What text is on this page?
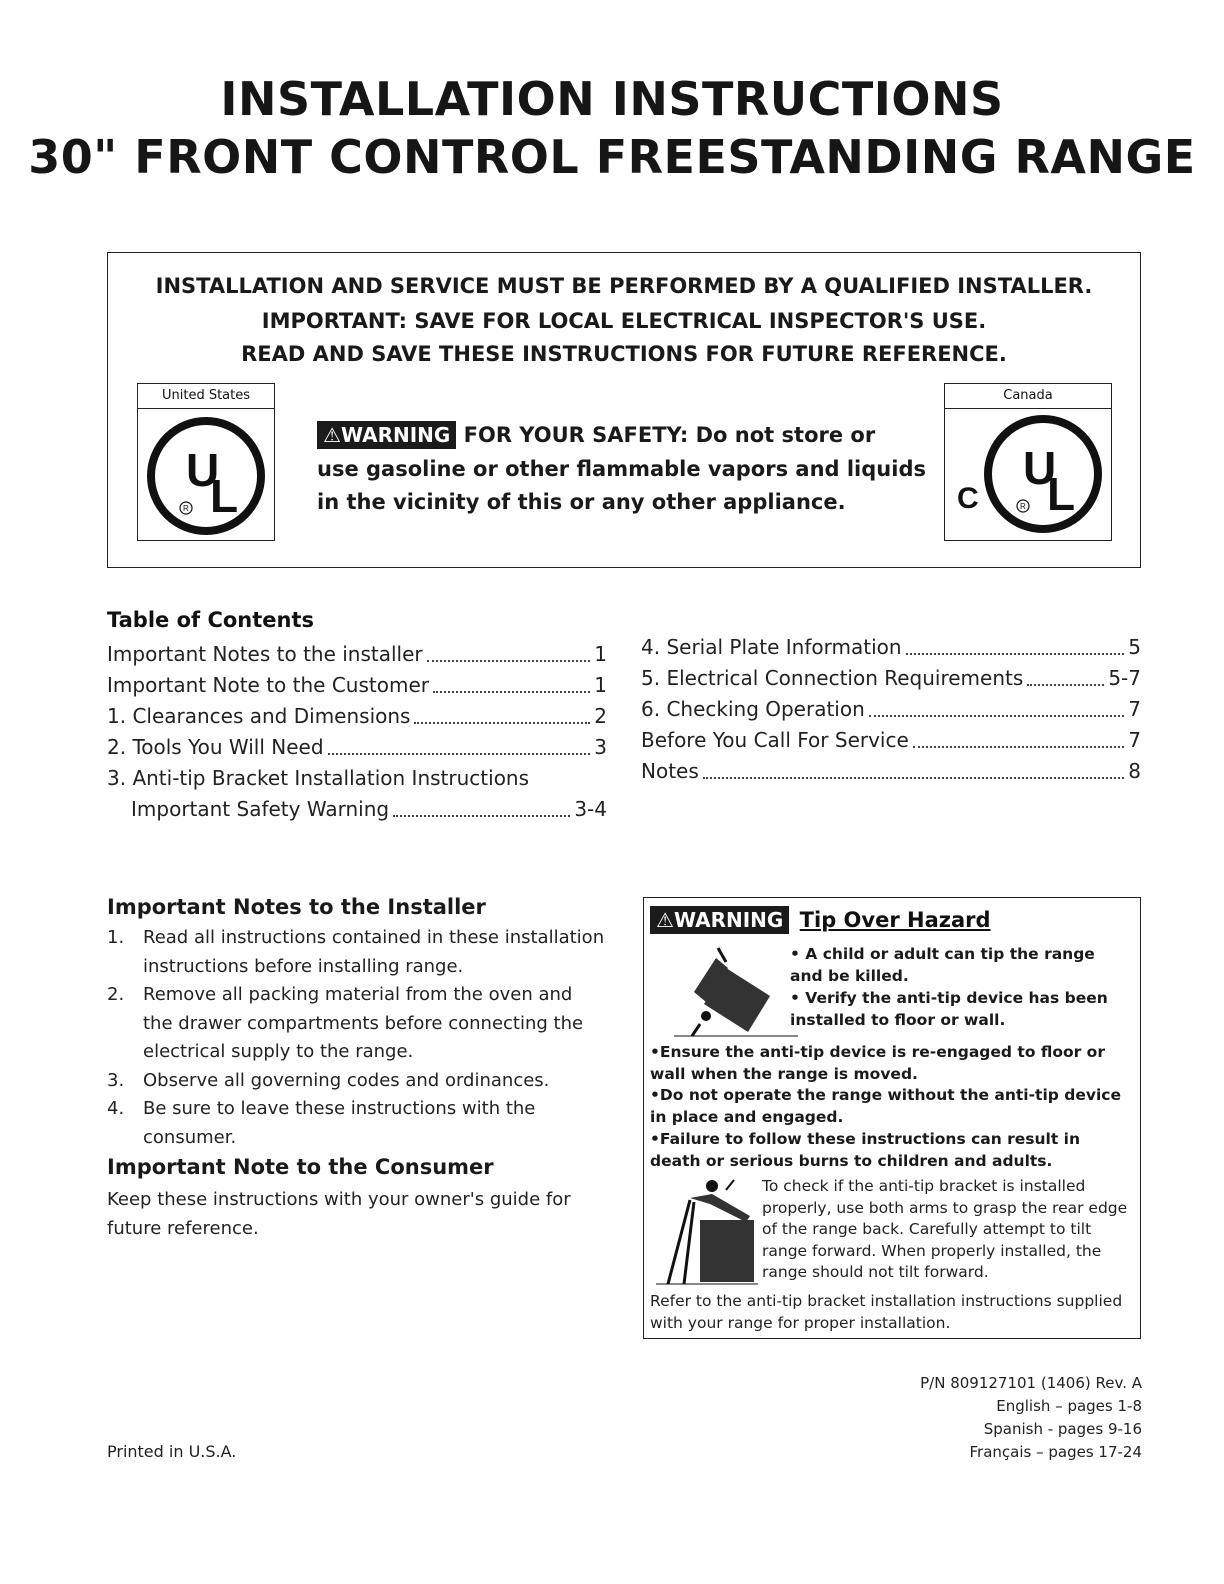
INSTALLATION INSTRUCTIONS
30" FRONT CONTROL FREESTANDING RANGE
INSTALLATION AND SERVICE MUST BE PERFORMED BY A QUALIFIED INSTALLER.
IMPORTANT: SAVE FOR LOCAL ELECTRICAL INSPECTOR'S USE.
READ AND SAVE THESE INSTRUCTIONS FOR FUTURE REFERENCE.
United States
U
L
R
Canada
C
U
L
R
⚠WARNING FOR YOUR SAFETY: Do not store or
use gasoline or other flammable vapors and liquids
in the vicinity of this or any other appliance.
Table of Contents
Important Notes to the installer	1
Important Note to the Customer	1
1. Clearances and Dimensions	2
2. Tools You Will Need	3
3. Anti-tip Bracket Installation Instructions
Important Safety Warning	3-4
4. Serial Plate Information	5
5. Electrical Connection Requirements	5-7
6. Checking Operation	7
Before You Call For Service	7
Notes	8
Important Notes to the Installer
1.	Read all instructions contained in these installation instructions before installing range.
2.	Remove all packing material from the oven and the drawer compartments before connecting the electrical supply to the range.
3.	Observe all governing codes and ordinances.
4.	Be sure to leave these instructions with the consumer.
Important Note to the Consumer
Keep these instructions with your owner's guide for future reference.
⚠WARNING Tip Over Hazard
• A child or adult can tip the range and be killed.
• Verify the anti-tip device has been installed to floor or wall.
•Ensure the anti-tip device is re-engaged to floor or wall when the range is moved.
•Do not operate the range without the anti-tip device in place and engaged.
•Failure to follow these instructions can result in death or serious burns to children and adults.
To check if the anti-tip bracket is installed properly, use both arms to grasp the rear edge of the range back. Carefully attempt to tilt range forward. When properly installed, the range should not tilt forward.
Refer to the anti-tip bracket installation instructions supplied with your range for proper installation.
Printed in U.S.A.
P/N 809127101 (1406) Rev. A
English – pages 1-8
Spanish - pages 9-16
Français – pages 17-24
